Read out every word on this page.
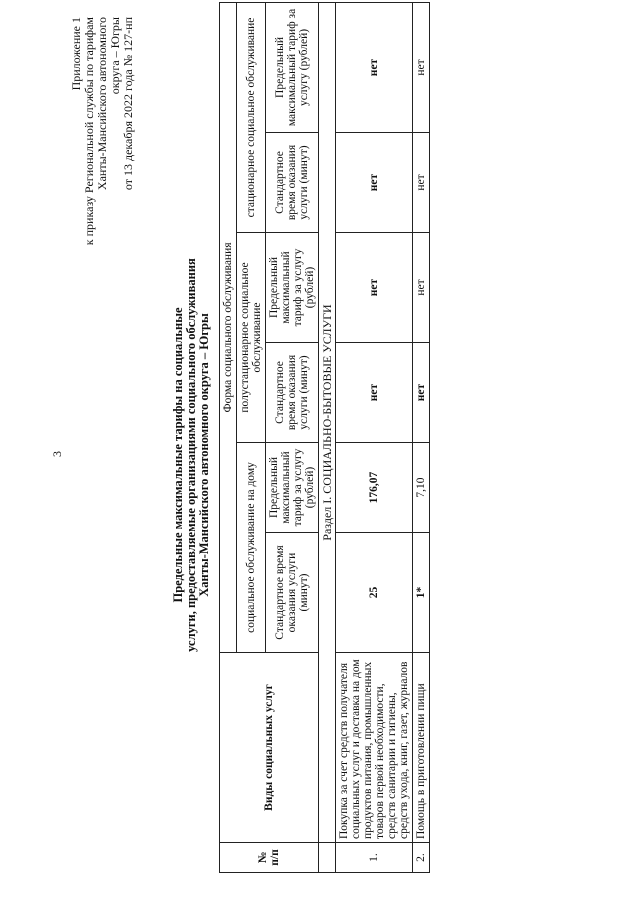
3
Приложение 1 к приказу Региональной службы по тарифам Ханты-Мансийского автономного округа – Югры от 13 декабря 2022 года № 127-нп
Предельные максимальные тарифы на социальные услуги, предоставляемые организациями социального обслуживания Ханты-Мансийского автономного округа – Югры
№ п/п	Виды социальных услуг	Форма социального обслуживания					
		социальное обслуживание на дому		полустационарное социальное обслуживание		стационарное социальное обслуживание	
		Стандартное время оказания услуги (минут)	Предельный максимальный тариф за услугу (рублей)	Стандартное время оказания услуги (минут)	Предельный максимальный тариф за услугу (рублей)	Стандартное время оказания услуги (минут)	Предельный максимальный тариф за услугу (рублей)
	Раздел I. СОЦИАЛЬНО-БЫТОВЫЕ УСЛУГИ						
1.	Покупка за счет средств получателя социальных услуг и доставка на дом продуктов питания, промышленных товаров первой необходимости, средств санитарии и гигиены, средств ухода, книг, газет, журналов	25	176,07	нет	нет	нет	нет
2.	Помощь в приготовлении пищи	1*	7,10	нет	нет	нет	нет
